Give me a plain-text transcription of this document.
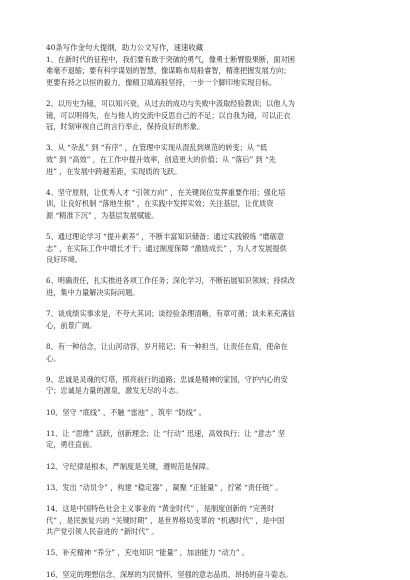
40条写作金句大提纲，助力公文写作，速速收藏

1、在新时代的征程中，我们要有敢于突破的勇气，像勇士断臂股果断，面对困

难毫不退缩；要有科学谋划的智慧，像谋略布局般睿智，精准把握发展方向；

更要有持之以恒的毅力，像精卫填海般坚持，一步一个脚印地实现目标。

2、以历史为镜，可以知兴衰，从过去的成功与失败中汲取经验教训；以他人为

镜，可以明得失，在与他人的交流中反思自己的不足；以自我为镜，可以正衣

冠，时刻审视自己的言行举止，保持良好的形象。

3、从 “杂乱” 到 “有序” ，在管理中实现从混乱到规范的转变；从 “低

效” 到 “高效” ，在工作中提升效率，创造更大的价值；从 “落后” 到 “先

进” ，在发展中跨越差距，实现质的飞跃。

4、坚守原则，让优秀人才 “引领方向” ，在关键岗位发挥重要作用；强化培

训，让良好机制 “落地生根” ，在实践中发挥实效；关注基层，让优质资

源 “精准下沉” ，为基层发展赋能。

5、通过理论学习 “提升素养” ，不断丰富知识储备；通过实践锻炼 “磨砺意

志” ，在实际工作中增长才干；通过制度保障 “激励成长” ，为人才发展提供

良好环境。

6、明确责任，扎实推进各项工作任务；深化学习，不断拓展知识领域；持续改

进，集中力量解决实际问题。

7、谈成绩实事求是，不夸大其词；谈经验条理清晰，有章可循；谈未来充满信

心，前景广阔。

8、有一种信念，让山河动容，岁月铭记；有一种担当，让责任在肩，使命在

心。

9、忠诚是灵魂的灯塔，照亮前行的道路；忠诚是精神的家园，守护内心的安

宁；忠诚是力量的源泉，激发无尽的斗志。

10、坚守 “底线” ，不触 “雷池” ，筑牢 “防线” 。

11、让 “思维” 活跃，创新理念；让 “行动” 迅速，高效执行；让 “意志” 坚

定，勇往直前。

12、守纪律是根本，严制度是关键，遵规范是保障。

13、发出 “动员令” ，构建 “稳定器” ，凝聚 “正能量” ，拧紧 “责任链” 。

14、这是中国特色社会主义事业的 “黄金时代” ，是制度创新的 “完善时

代” ，是民族复兴的 “关键时期” ，是世界格局变革的 “机遇时代” ，是中国

共产党引领人民奋进的 “新时代” 。

15、补充精神 “养分” ，充电知识 “能量” ，加油能力 “动力” 。

16、坚定的理想信念、深厚的为民情怀、坚强的意志品质、昂扬的奋斗姿态。
